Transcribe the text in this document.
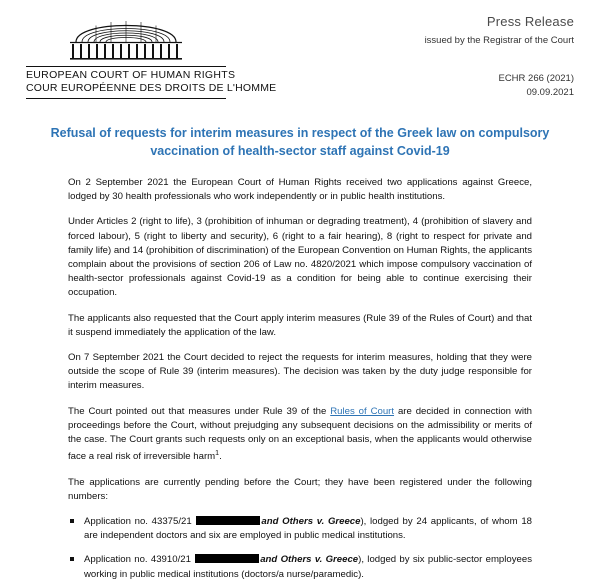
EUROPEAN COURT OF HUMAN RIGHTS
COUR EUROPÉENNE DES DROITS DE L'HOMME
Press Release
issued by the Registrar of the Court
ECHR 266 (2021)
09.09.2021
Refusal of requests for interim measures in respect of the Greek law on compulsory vaccination of health-sector staff against Covid-19

On 2 September 2021 the European Court of Human Rights received two applications against Greece, lodged by 30 health professionals who work independently or in public health institutions.

Under Articles 2 (right to life), 3 (prohibition of inhuman or degrading treatment), 4 (prohibition of slavery and forced labour), 5 (right to liberty and security), 6 (right to a fair hearing), 8 (right to respect for private and family life) and 14 (prohibition of discrimination) of the European Convention on Human Rights, the applicants complain about the provisions of section 206 of Law no. 4820/2021 which impose compulsory vaccination of health-sector professionals against Covid-19 as a condition for being able to continue exercising their occupation.

The applicants also requested that the Court apply interim measures (Rule 39 of the Rules of Court) and that it suspend immediately the application of the law.

On 7 September 2021 the Court decided to reject the requests for interim measures, holding that they were outside the scope of Rule 39 (interim measures). The decision was taken by the duty judge responsible for interim measures.

The Court pointed out that measures under Rule 39 of the Rules of Court are decided in connection with proceedings before the Court, without prejudging any subsequent decisions on the admissibility or merits of the case. The Court grants such requests only on an exceptional basis, when the applicants would otherwise face a real risk of irreversible harm$^1$.

The applications are currently pending before the Court; they have been registered under the following numbers:

Application no. 43375/21	and Others v. Greece), lodged by 24 applicants, of whom 18 are independent doctors and six are employed in public medical institutions.
Application no. 43910/21	and Others v. Greece), lodged by six public-sector employees working in public medical institutions (doctors/a nurse/paramedic).
